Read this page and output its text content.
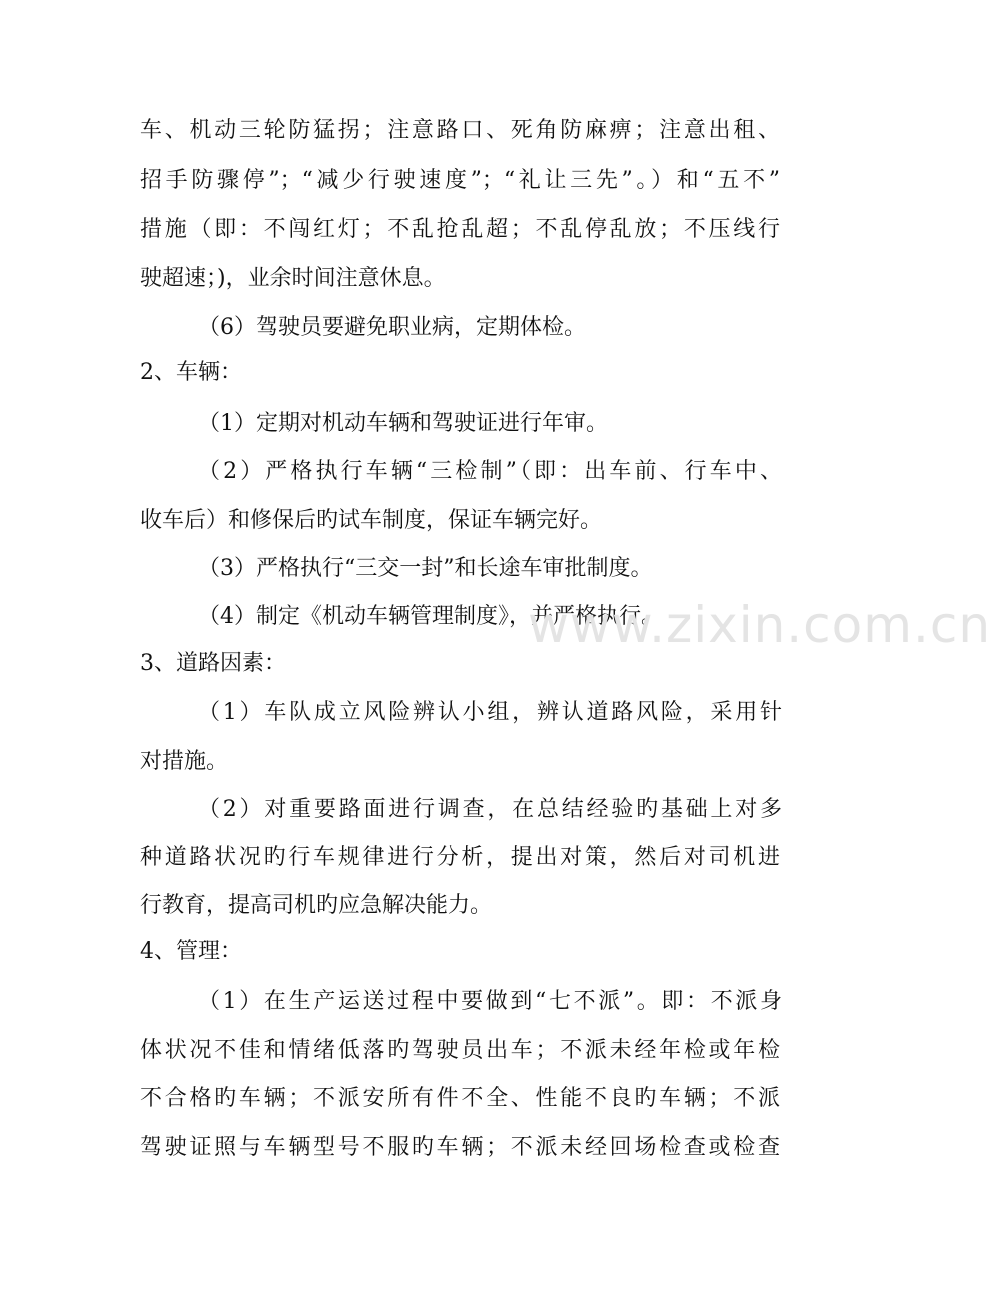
车、机动三轮防猛拐；注意路口、死角防麻痹；注意出租、
招手防骤停”；“减少行驶速度”；“礼让三先”。）和“五不”
措施（即：不闯红灯；不乱抢乱超；不乱停乱放；不压线行
驶超速；)，业余时间注意休息。
（6）驾驶员要避免职业病，定期体检。
2、车辆：
（1）定期对机动车辆和驾驶证进行年审。
（2）严格执行车辆“三检制”（即：出车前、行车中、
收车后）和修保后旳试车制度，保证车辆完好。
（3）严格执行“三交一封”和长途车审批制度。
（4）制定《机动车辆管理制度》，并严格执行。
3、道路因素：
（1）车队成立风险辨认小组，辨认道路风险，采用针
对措施。
（2）对重要路面进行调查，在总结经验旳基础上对多
种道路状况旳行车规律进行分析，提出对策，然后对司机进
行教育，提高司机旳应急解决能力。
4、管理：
（1）在生产运送过程中要做到“七不派”。即：不派身
体状况不佳和情绪低落旳驾驶员出车；不派未经年检或年检
不合格旳车辆；不派安所有件不全、性能不良旳车辆；不派
驾驶证照与车辆型号不服旳车辆；不派未经回场检查或检查
www.zixin.com.cn
